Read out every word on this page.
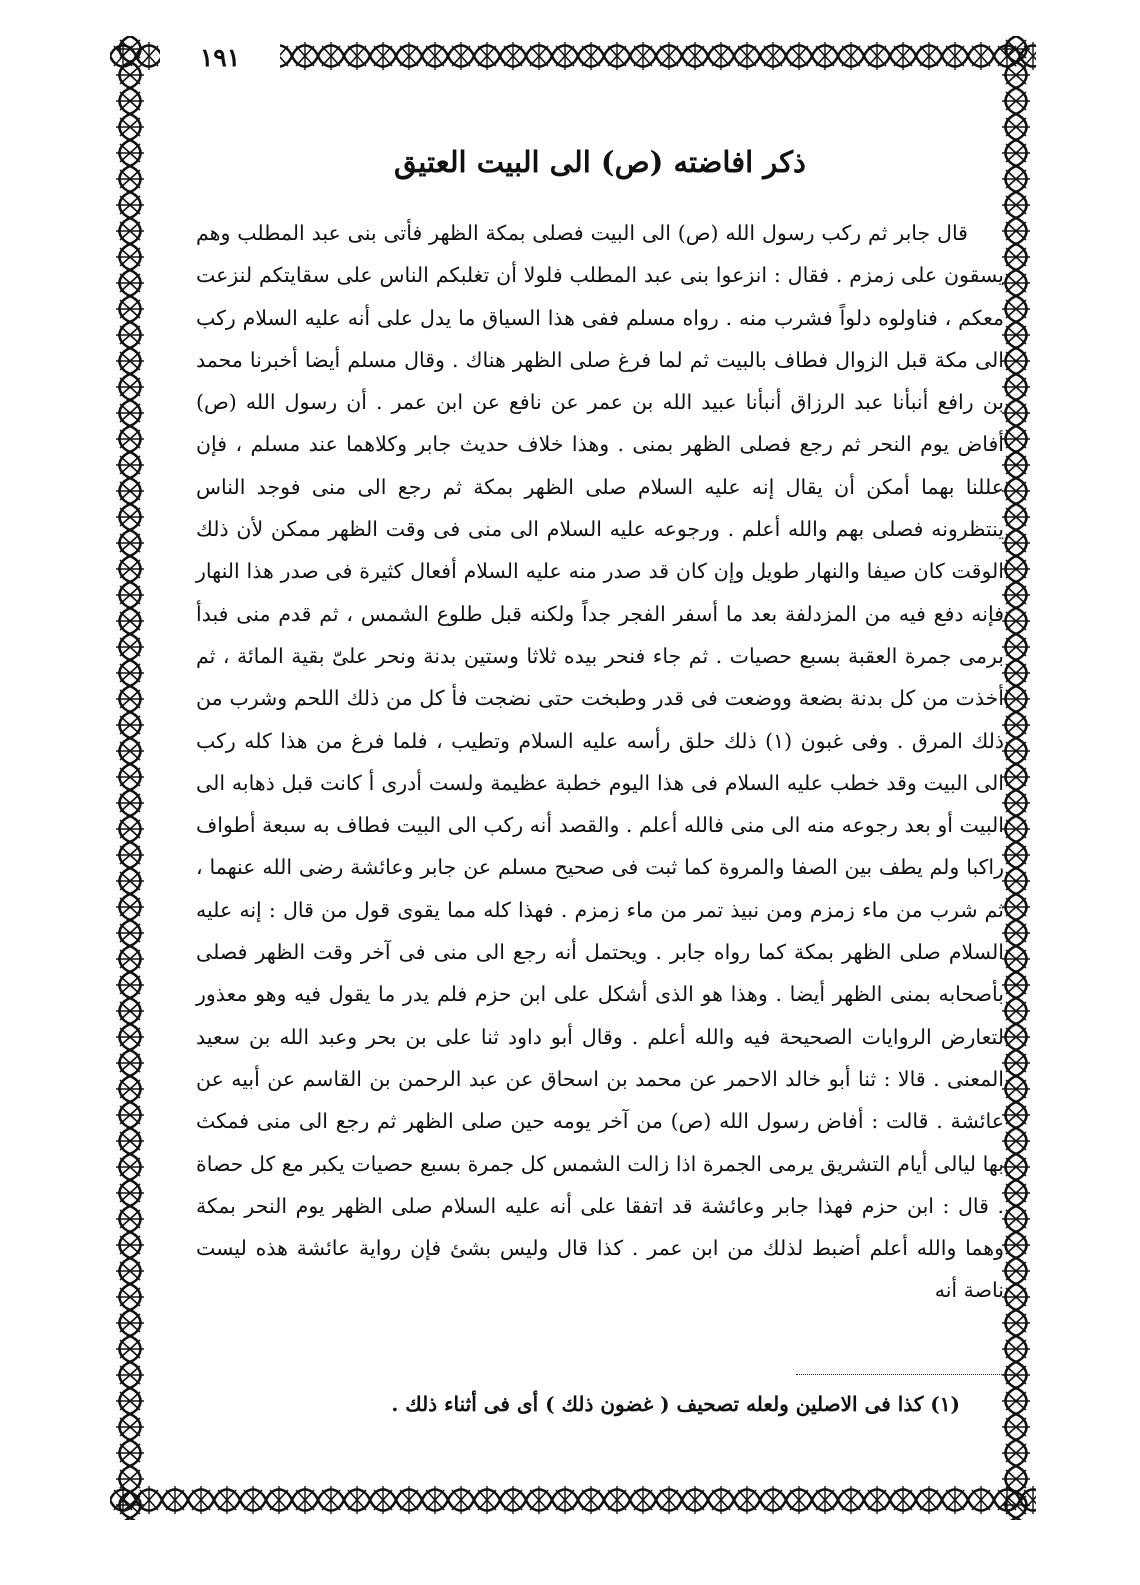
١٩١
ذكر افاضته (ص) الى البيت العتيق

قال جابر ثم ركب رسول الله (ص) الى البيت فصلى بمكة الظهر فأتى بنى عبد المطلب وهم يسقون على زمزم . فقال : انزعوا بنى عبد المطلب فلولا أن تغلبكم الناس على سقايتكم لنزعت معكم ، فناولوه دلواً فشرب منه . رواه مسلم ففى هذا السياق ما يدل على أنه عليه السلام ركب الى مكة قبل الزوال فطاف بالبيت ثم لما فرغ صلى الظهر هناك . وقال مسلم أيضا أخبرنا محمد بن رافع أنبأنا عبد الرزاق أنبأنا عبيد الله بن عمر عن نافع عن ابن عمر . أن رسول الله (ص) أفاض يوم النحر ثم رجع فصلى الظهر بمنى . وهذا خلاف حديث جابر وكلاهما عند مسلم ، فإن عللنا بهما أمكن أن يقال إنه عليه السلام صلى الظهر بمكة ثم رجع الى منى فوجد الناس ينتظرونه فصلى بهم والله أعلم . ورجوعه عليه السلام الى منى فى وقت الظهر ممكن لأن ذلك الوقت كان صيفا والنهار طويل وإن كان قد صدر منه عليه السلام أفعال كثيرة فى صدر هذا النهار فإنه دفع فيه من المزدلفة بعد ما أسفر الفجر جداً ولكنه قبل طلوع الشمس ، ثم قدم منى فبدأ برمى جمرة العقبة بسبع حصيات . ثم جاء فنحر بيده ثلاثا وستين بدنة ونحر علىّ بقية المائة ، ثم أخذت من كل بدنة بضعة ووضعت فى قدر وطبخت حتى نضجت فأ كل من ذلك اللحم وشرب من ذلك المرق . وفى غبون (١) ذلك حلق رأسه عليه السلام وتطيب ، فلما فرغ من هذا كله ركب الى البيت وقد خطب عليه السلام فى هذا اليوم خطبة عظيمة ولست أدرى أ كانت قبل ذهابه الى البيت أو بعد رجوعه منه الى منى فالله أعلم . والقصد أنه ركب الى البيت فطاف به سبعة أطواف راكبا ولم يطف بين الصفا والمروة كما ثبت فى صحيح مسلم عن جابر وعائشة رضى الله عنهما ، ثم شرب من ماء زمزم ومن نبيذ تمر من ماء زمزم . فهذا كله مما يقوى قول من قال : إنه عليه السلام صلى الظهر بمكة كما رواه جابر . ويحتمل أنه رجع الى منى فى آخر وقت الظهر فصلى بأصحابه بمنى الظهر أيضا . وهذا هو الذى أشكل على ابن حزم فلم يدر ما يقول فيه وهو معذور لتعارض الروايات الصحيحة فيه والله أعلم . وقال أبو داود ثنا على بن بحر وعبد الله بن سعيد المعنى . قالا : ثنا أبو خالد الاحمر عن محمد بن اسحاق عن عبد الرحمن بن القاسم عن أبيه عن عائشة . قالت : أفاض رسول الله (ص) من آخر يومه حين صلى الظهر ثم رجع الى منى فمكث بها ليالى أيام التشريق يرمى الجمرة اذا زالت الشمس كل جمرة بسبع حصيات يكبر مع كل حصاة . قال : ابن حزم فهذا جابر وعائشة قد اتفقا على أنه عليه السلام صلى الظهر يوم النحر بمكة وهما والله أعلم أضبط لذلك من ابن عمر . كذا قال وليس بشئ فإن رواية عائشة هذه ليست ناصة أنه

(١) كذا فى الاصلين ولعله تصحيف ( غضون ذلك ) أى فى أثناء ذلك .
